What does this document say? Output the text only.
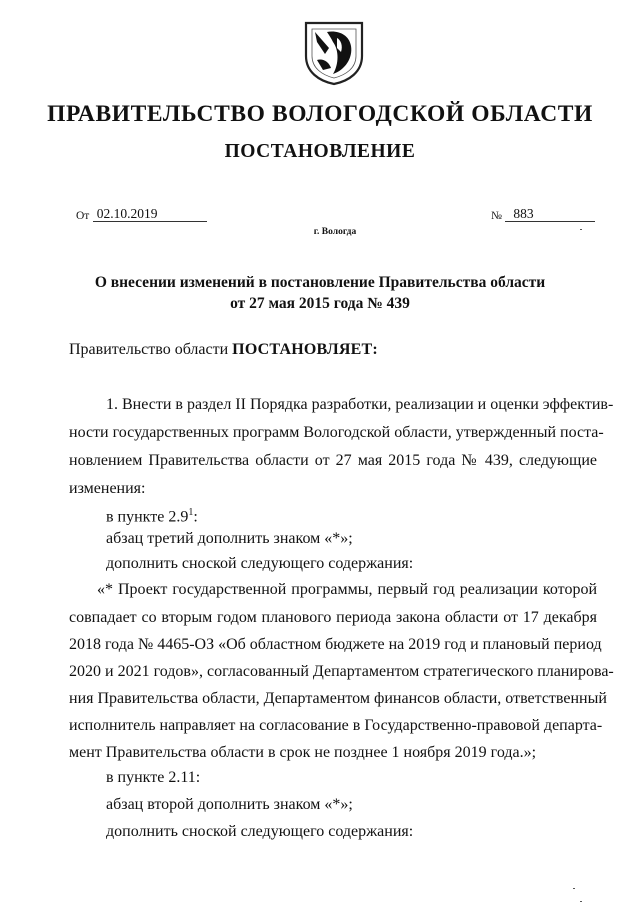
ПРАВИТЕЛЬСТВО ВОЛОГОДСКОЙ ОБЛАСТИ
ПОСТАНОВЛЕНИЕ
От 02.10.2019	№ 883
г. Вологда
О внесении изменений в постановление Правительства области
от 27 мая 2015 года № 439
Правительство области ПОСТАНОВЛЯЕТ:
1. Внести в раздел II Порядка разработки, реализации и оценки эффектив-
ности государственных программ Вологодской области, утвержденный поста-
новлением Правительства области от 27 мая 2015 года № 439, следующие
изменения:
в пункте $2.9^1$:
абзац третий дополнить знаком «*»;
дополнить сноской следующего содержания:
«* Проект государственной программы, первый год реализации которой
совпадает со вторым годом планового периода закона области от 17 декабря
2018 года № 4465-ОЗ «Об областном бюджете на 2019 год и плановый период
2020 и 2021 годов», согласованный Департаментом стратегического планирова-
ния Правительства области, Департаментом финансов области, ответственный
исполнитель направляет на согласование в Государственно-правовой департа-
мент Правительства области в срок не позднее 1 ноября 2019 года.»;
в пункте 2.11:
абзац второй дополнить знаком «*»;
дополнить сноской следующего содержания:
